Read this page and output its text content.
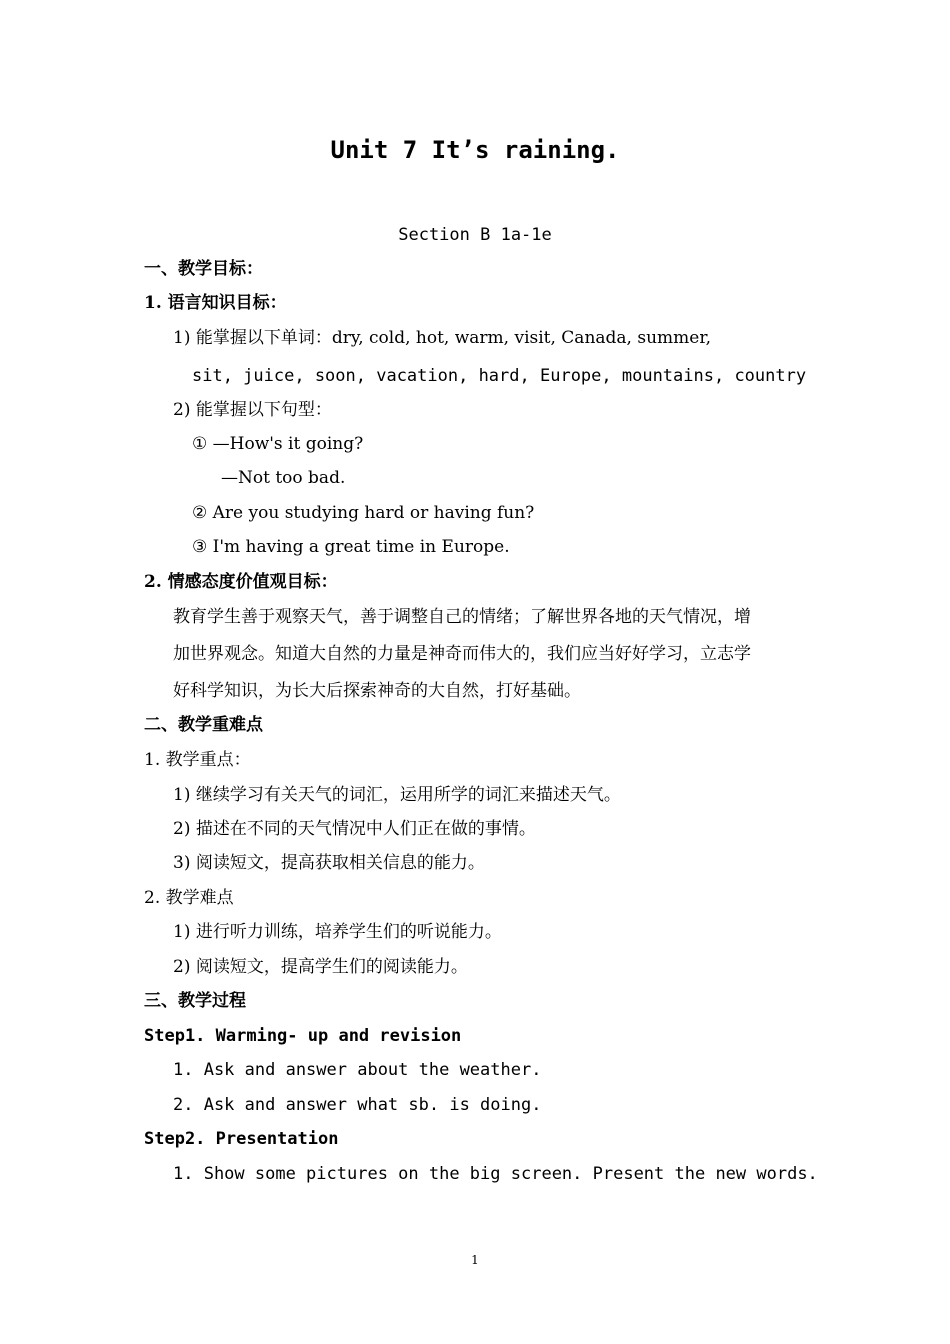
Unit 7 It’s raining.
Section B 1a-1e
一、教学目标：
1. 语言知识目标：
1) 能掌握以下单词：dry, cold, hot, warm, visit, Canada, summer,
sit, juice, soon, vacation, hard, Europe, mountains, country
2) 能掌握以下句型：
① —How's it going?
—Not too bad.
② Are you studying hard or having fun?
③ I'm having a great time in Europe.
2. 情感态度价值观目标：
教育学生善于观察天气，善于调整自己的情绪；了解世界各地的天气情况，增
加世界观念。知道大自然的力量是神奇而伟大的，我们应当好好学习，立志学
好科学知识，为长大后探索神奇的大自然，打好基础。
二、教学重难点
1. 教学重点：
1) 继续学习有关天气的词汇，运用所学的词汇来描述天气。
2) 描述在不同的天气情况中人们正在做的事情。
3) 阅读短文，提高获取相关信息的能力。
2. 教学难点
1) 进行听力训练，培养学生们的听说能力。
2) 阅读短文，提高学生们的阅读能力。
三、教学过程
Step1. Warming- up and revision
1. Ask and answer about the weather.
2. Ask and answer what sb. is doing.
Step2. Presentation
1. Show some pictures on the big screen. Present the new words.
1
